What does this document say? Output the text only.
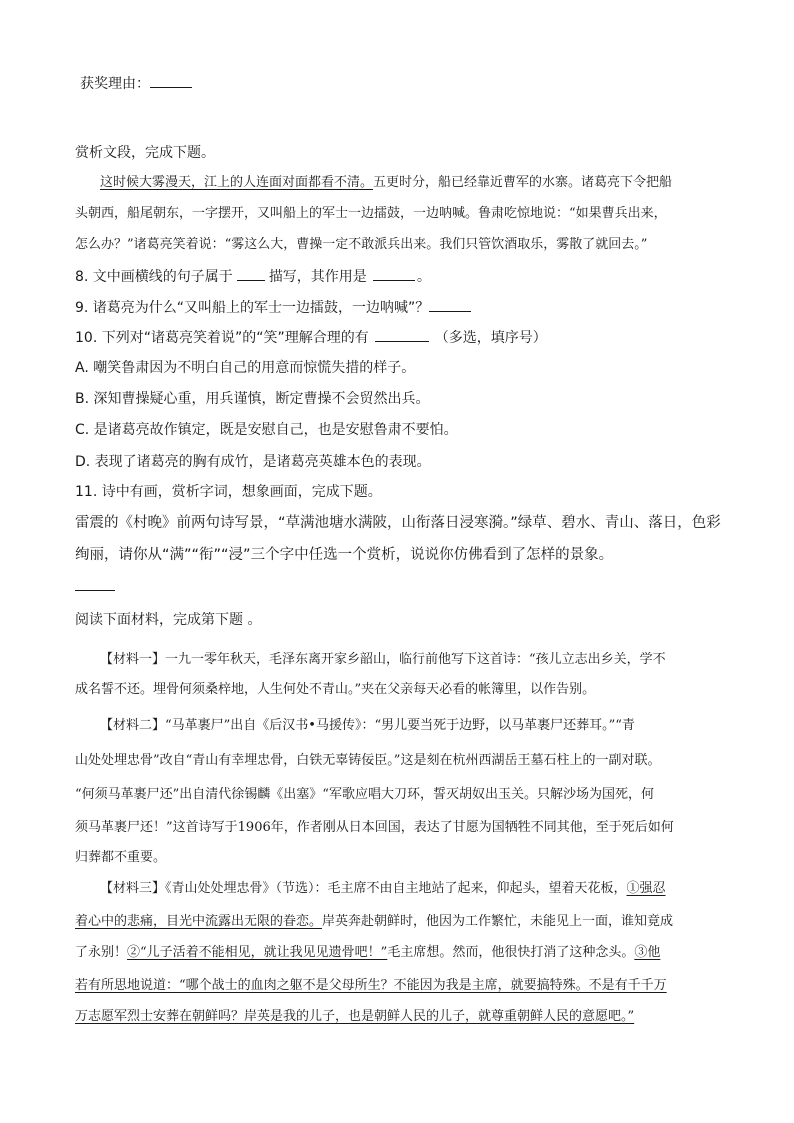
获奖理由：
赏析文段，完成下题。
这时候大雾漫天，江上的人连面对面都看不清。五更时分，船已经靠近曹军的水寨。诸葛亮下令把船
头朝西，船尾朝东，一字摆开，又叫船上的军士一边擂鼓，一边呐喊。鲁肃吃惊地说：“如果曹兵出来，
怎么办？”诸葛亮笑着说：“雾这么大，曹操一定不敢派兵出来。我们只管饮酒取乐，雾散了就回去。”
8. 文中画横线的句子属于	描写，其作用是	。
9. 诸葛亮为什么“又叫船上的军士一边擂鼓，一边呐喊”？
10. 下列对“诸葛亮笑着说”的“笑”理解合理的有	（多选，填序号）
A. 嘲笑鲁肃因为不明白自己的用意而惊慌失措的样子。
B. 深知曹操疑心重，用兵谨慎，断定曹操不会贸然出兵。
C. 是诸葛亮故作镇定，既是安慰自己，也是安慰鲁肃不要怕。
D. 表现了诸葛亮的胸有成竹，是诸葛亮英雄本色的表现。
11. 诗中有画，赏析字词，想象画面，完成下题。
雷震的《村晚》前两句诗写景，“草满池塘水满陂，山衔落日浸寒漪。”绿草、碧水、青山、落日，色彩
绚丽，请你从“满”“衔”“浸”三个字中任选一个赏析，说说你仿佛看到了怎样的景象。
阅读下面材料，完成第下题 。
【材料一】一九一零年秋天，毛泽东离开家乡韶山，临行前他写下这首诗：“孩儿立志出乡关，学不
成名誓不还。埋骨何须桑梓地，人生何处不青山。”夹在父亲每天必看的帐簿里，以作告别。
【材料二】“马革裹尸”出自《后汉书•马援传》：“男儿要当死于边野，以马革裹尸还葬耳。”“青
山处处埋忠骨”改自“青山有幸埋忠骨，白铁无辜铸佞臣。”这是刻在杭州西湖岳王墓石柱上的一副对联。
“何须马革裹尸还”出自清代徐锡麟《出塞》“军歌应唱大刀环，誓灭胡奴出玉关。只解沙场为国死，何
须马革裹尸还！”这首诗写于1906年，作者刚从日本回国，表达了甘愿为国牺牲不同其他，至于死后如何
归葬都不重要。
【材料三】《青山处处埋忠骨》（节选）：毛主席不由自主地站了起来，仰起头，望着天花板，①强忍
着心中的悲痛，目光中流露出无限的眷恋。岸英奔赴朝鲜时，他因为工作繁忙，未能见上一面，谁知竟成
了永别！②“儿子活着不能相见，就让我见见遗骨吧！”毛主席想。然而，他很快打消了这种念头。③他
若有所思地说道：“哪个战士的血肉之躯不是父母所生？不能因为我是主席，就要搞特殊。不是有千千万
万志愿军烈士安葬在朝鲜吗？岸英是我的儿子，也是朝鲜人民的儿子，就尊重朝鲜人民的意愿吧。”
